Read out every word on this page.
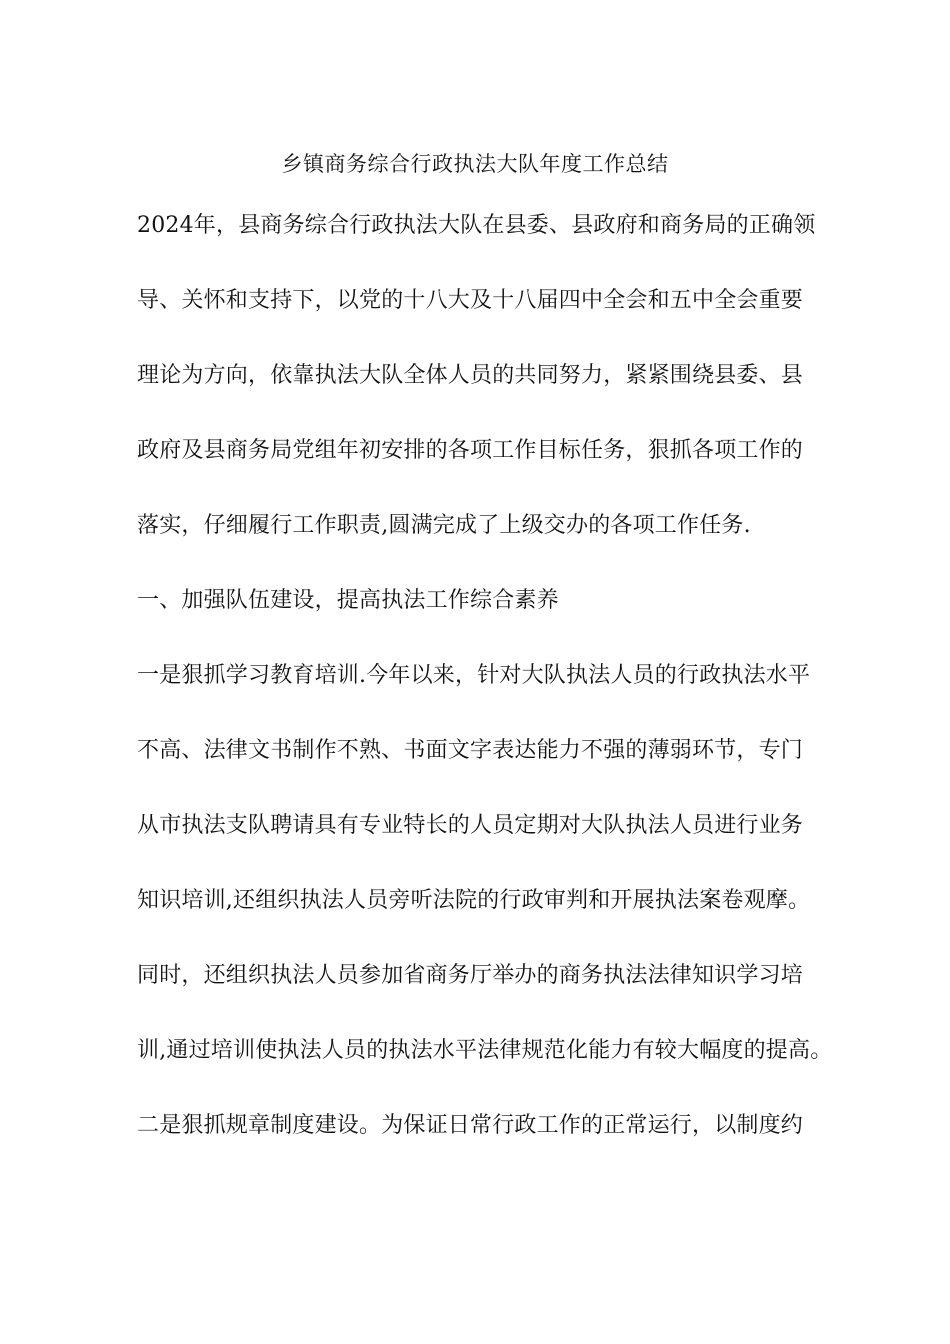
乡镇商务综合行政执法大队年度工作总结
2024年，县商务综合行政执法大队在县委、县政府和商务局的正确领
导、关怀和支持下，以党的十八大及十八届四中全会和五中全会重要
理论为方向，依靠执法大队全体人员的共同努力，紧紧围绕县委、县
政府及县商务局党组年初安排的各项工作目标任务，狠抓各项工作的
落实，仔细履行工作职责,圆满完成了上级交办的各项工作任务.
一、加强队伍建设，提高执法工作综合素养
一是狠抓学习教育培训.今年以来，针对大队执法人员的行政执法水平
不高、法律文书制作不熟、书面文字表达能力不强的薄弱环节，专门
从市执法支队聘请具有专业特长的人员定期对大队执法人员进行业务
知识培训,还组织执法人员旁听法院的行政审判和开展执法案卷观摩。
同时，还组织执法人员参加省商务厅举办的商务执法法律知识学习培
训,通过培训使执法人员的执法水平法律规范化能力有较大幅度的提高。
二是狠抓规章制度建设。为保证日常行政工作的正常运行，以制度约
